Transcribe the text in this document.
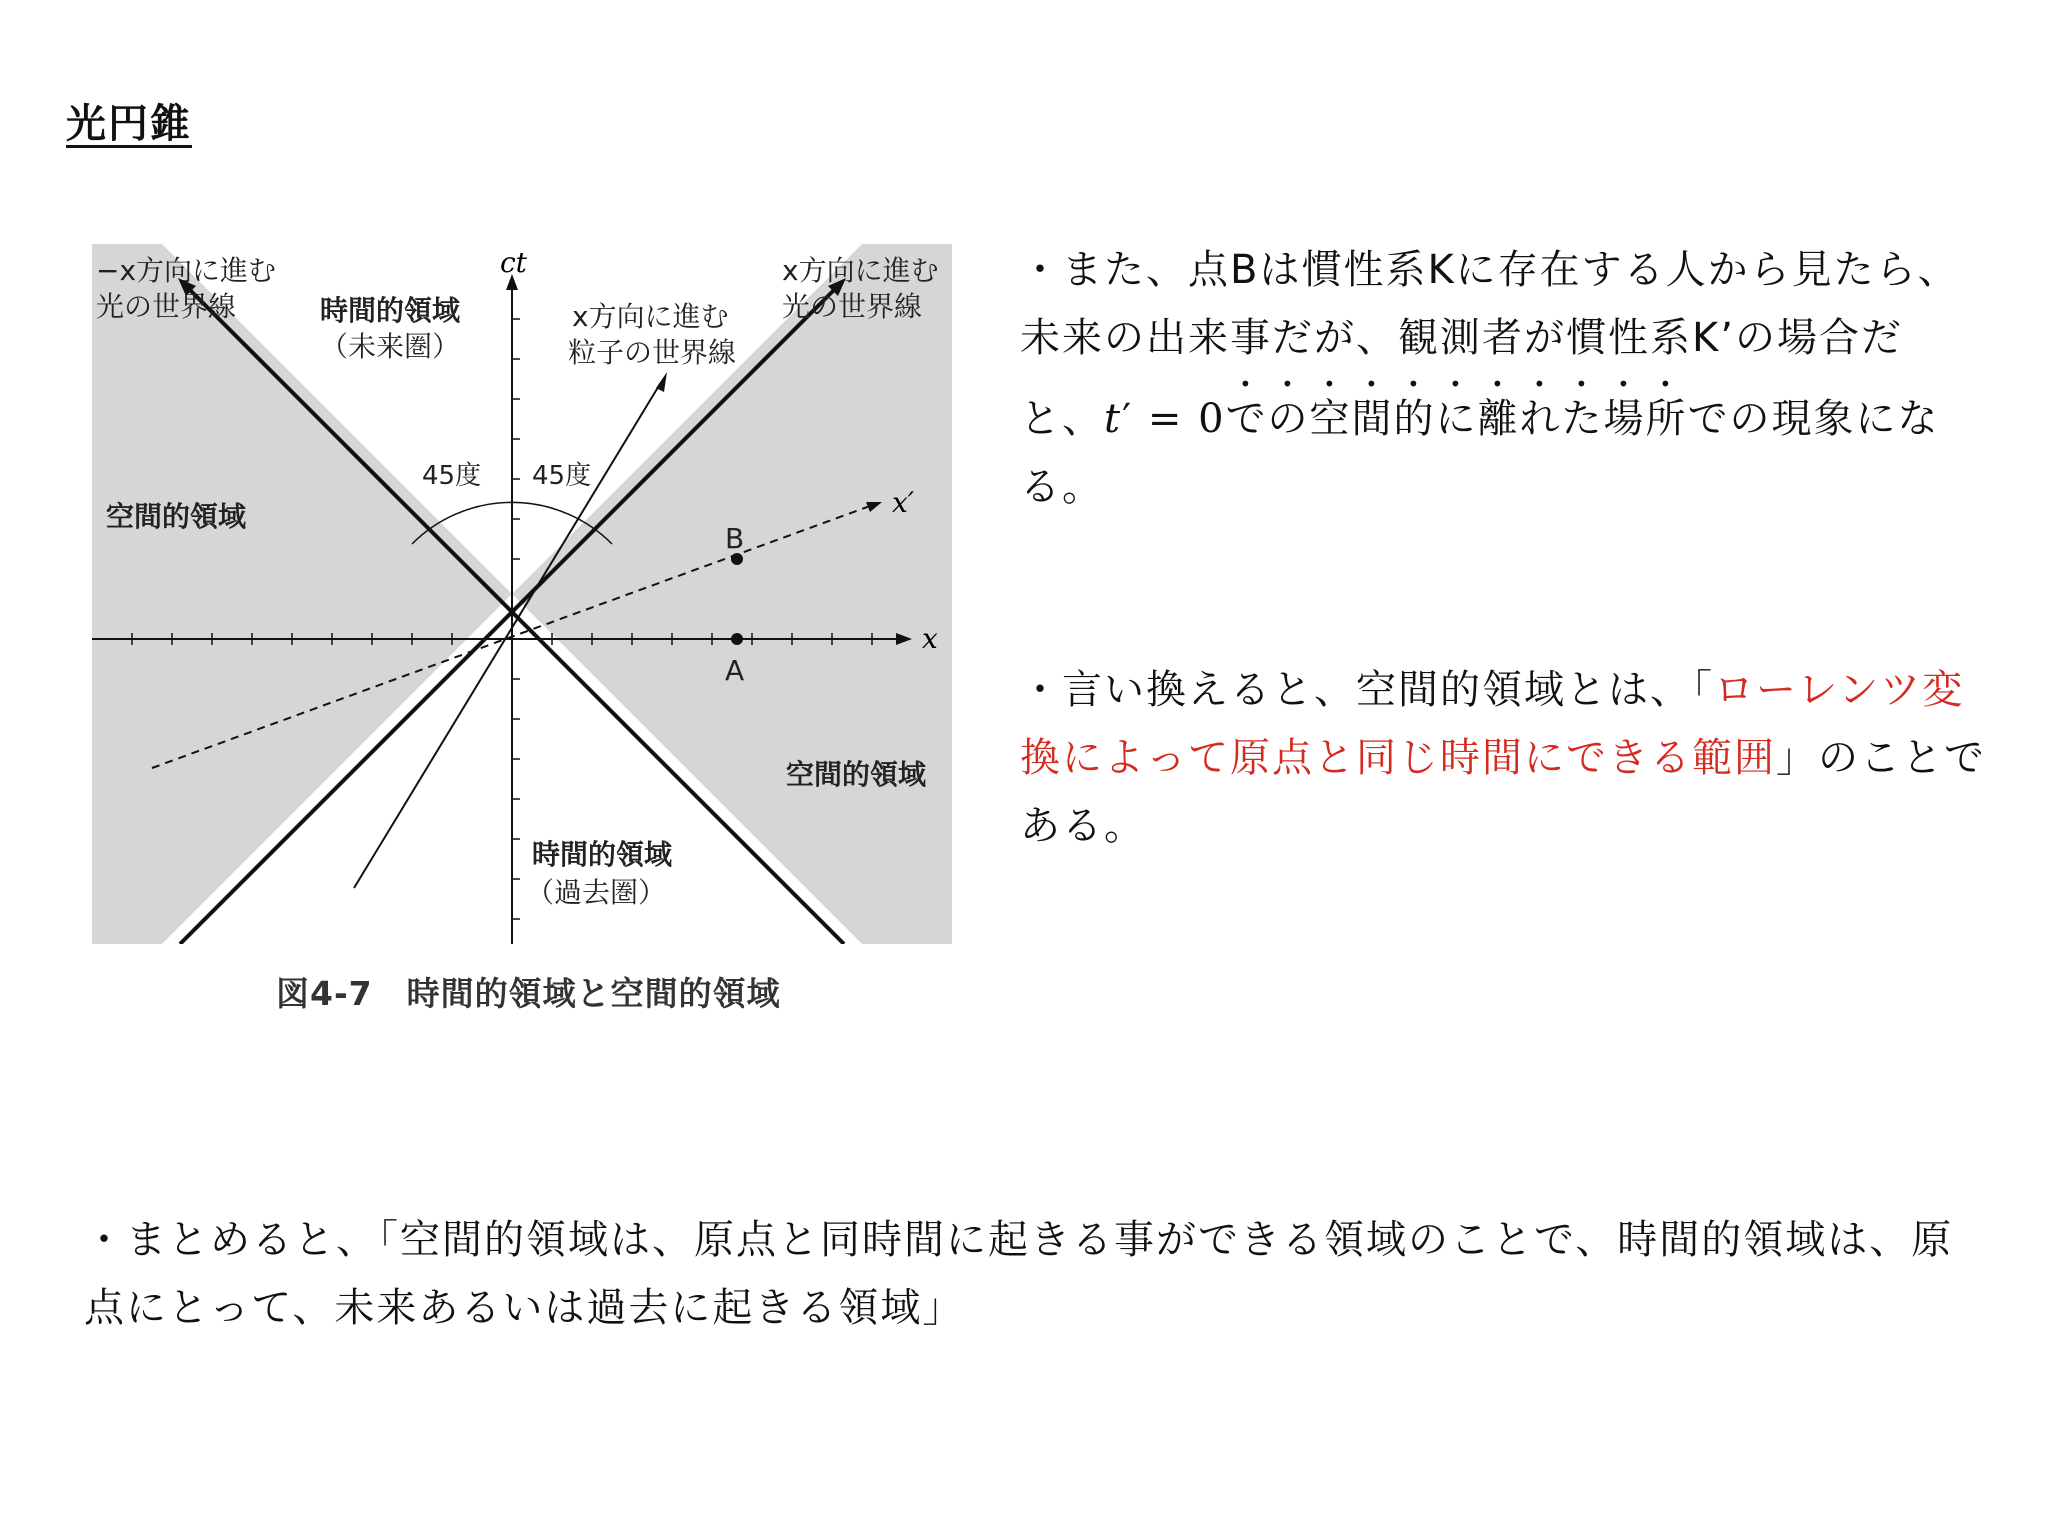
光円錐
ct
x
x′
−x方向に進む
光の世界線
x方向に進む
光の世界線
x方向に進む
粒子の世界線
時間的領域
（未来圏）
時間的領域
（過去圏）
空間的領域
空間的領域
45度 45度
A
B
図4-7　時間的領域と空間的領域
・また、点Bは慣性系Kに存在する人から見たら、未来の出来事だが、観測者が慣性系K’の場合だと、t′ = 0での空間的に離れた場所での現象になる。
・言い換えると、空間的領域とは、「ローレンツ変換によって原点と同じ時間にできる範囲」のことである。
・まとめると、「空間的領域は、原点と同時間に起きる事ができる領域のことで、時間的領域は、原点にとって、未来あるいは過去に起きる領域」
